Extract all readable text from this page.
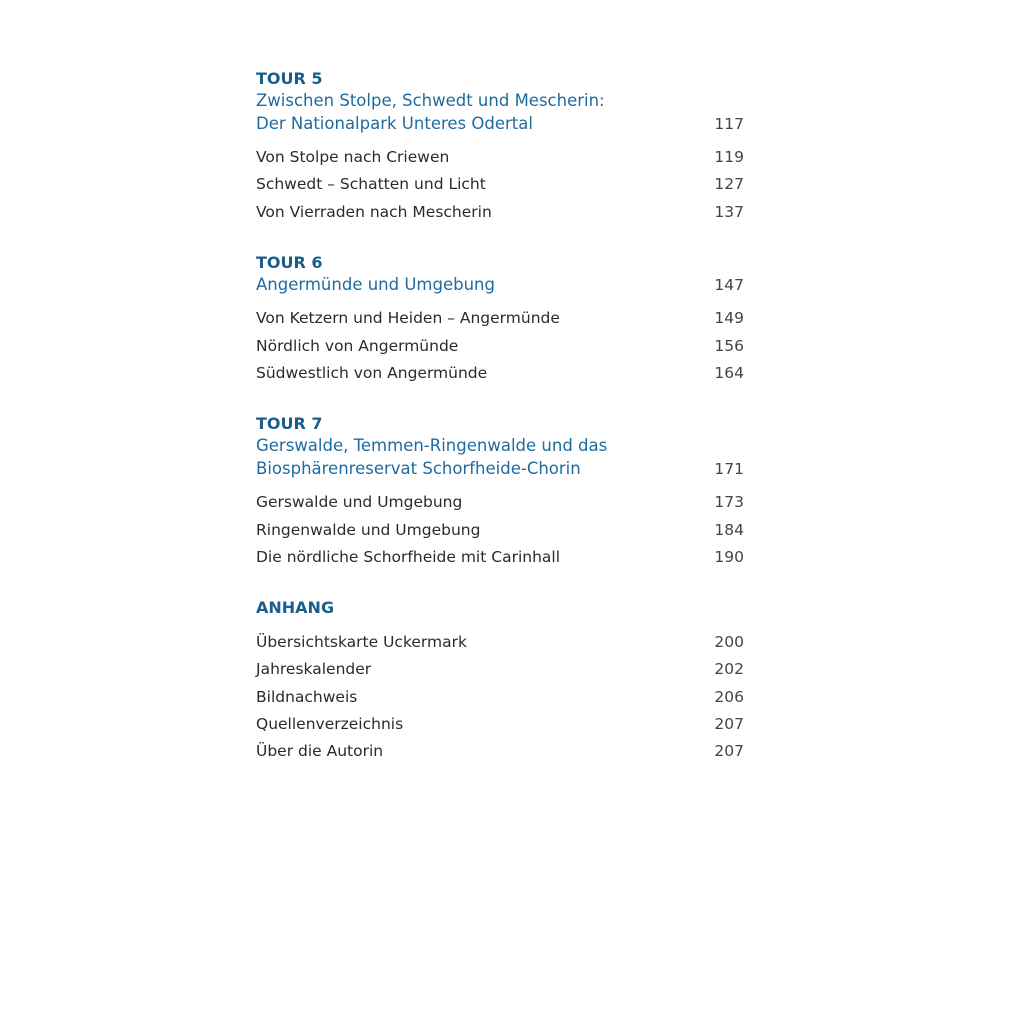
TOUR 5
Zwischen Stolpe, Schwedt und Mescherin:
Der Nationalpark Unteres Odertal	117
Von Stolpe nach Criewen	119
Schwedt – Schatten und Licht	127
Von Vierraden nach Mescherin	137
TOUR 6
Angermünde und Umgebung	147
Von Ketzern und Heiden – Angermünde	149
Nördlich von Angermünde	156
Südwestlich von Angermünde	164
TOUR 7
Gerswalde, Temmen-Ringenwalde und das
Biosphärenreservat Schorfheide-Chorin	171
Gerswalde und Umgebung	173
Ringenwalde und Umgebung	184
Die nördliche Schorfheide mit Carinhall	190
ANHANG
Übersichtskarte Uckermark	200
Jahreskalender	202
Bildnachweis	206
Quellenverzeichnis	207
Über die Autorin	207
